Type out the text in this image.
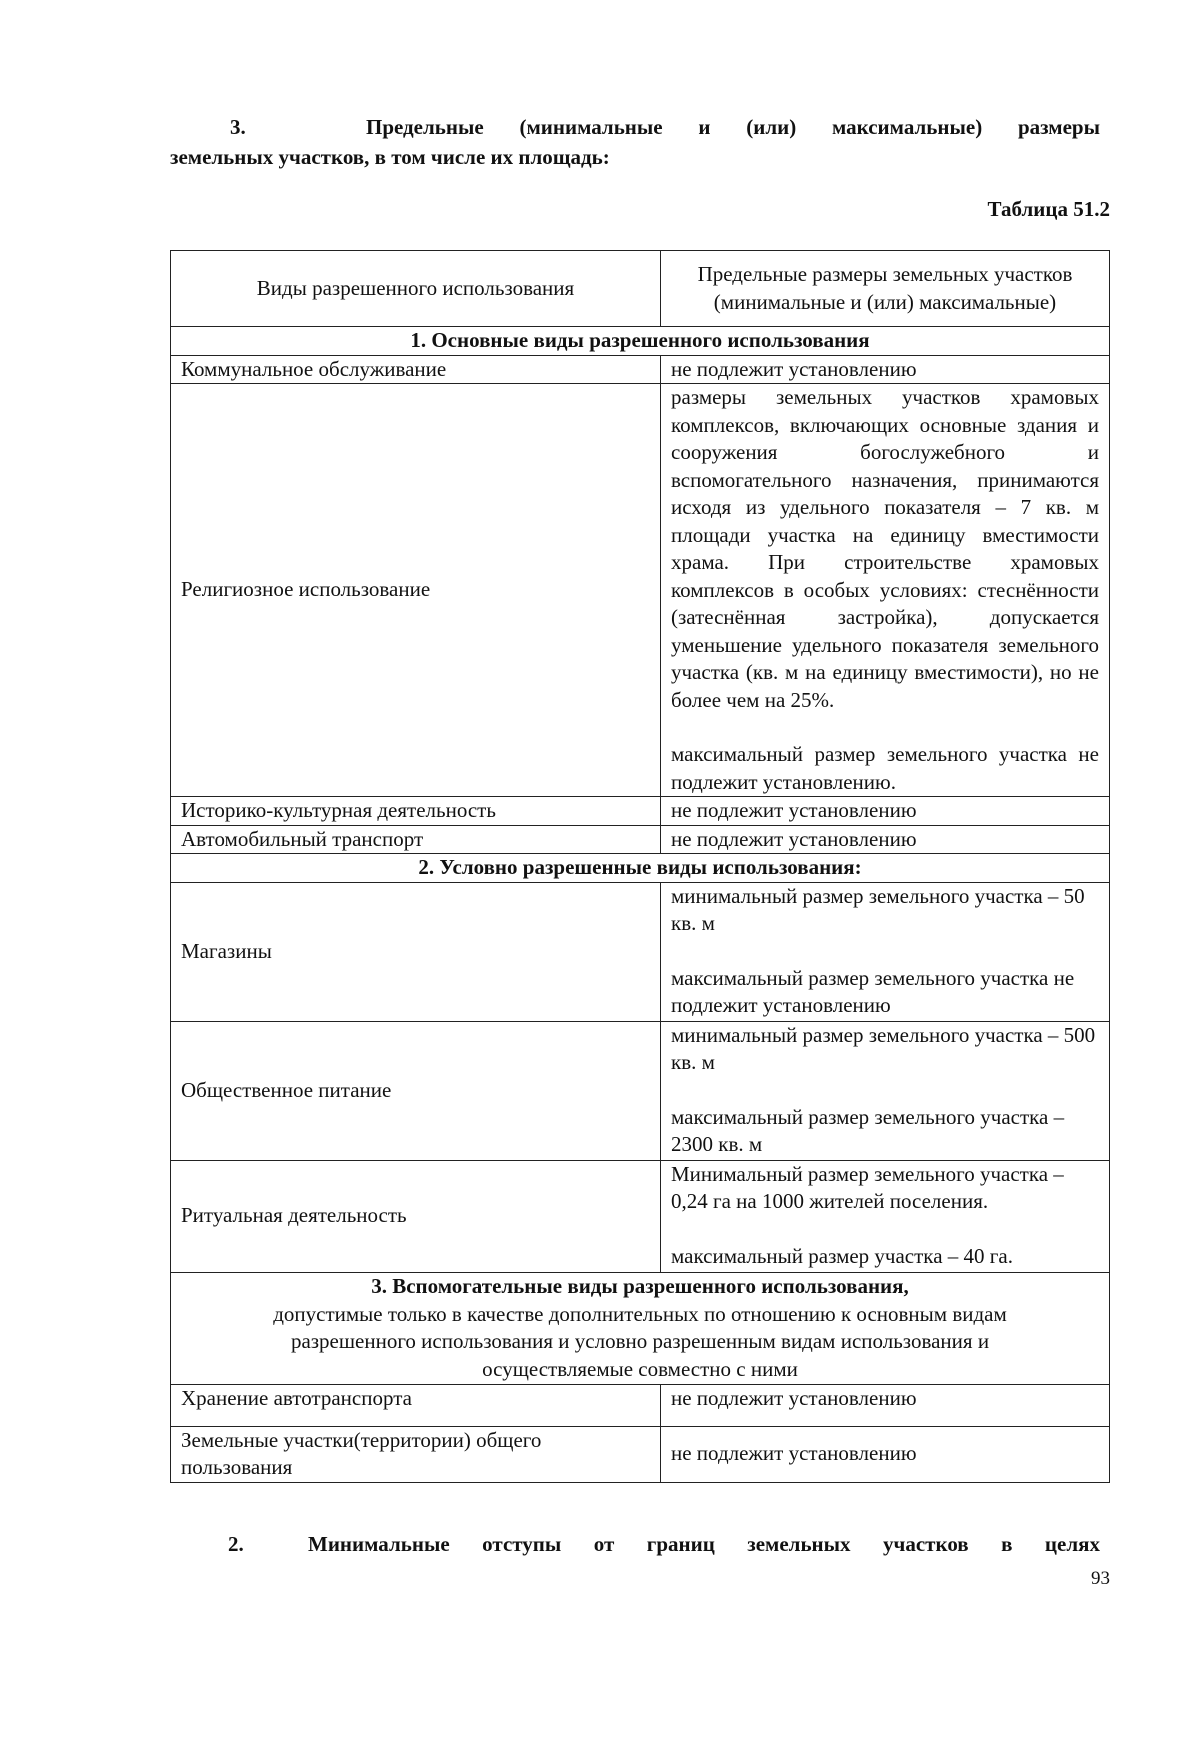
3.	Предельные (минимальные и (или) максимальные) размеры
земельных участков, в том числе их площадь:
Таблица 51.2
Виды разрешенного использования	Предельные размеры земельных участков (минимальные и (или) максимальные)
1. Основные виды разрешенного использования	
Коммунальное обслуживание	не подлежит установлению
Религиозное использование	размеры земельных участков храмовых комплексов, включающих основные здания и сооружения богослужебного и вспомогательного назначения, принимаются исходя из удельного показателя – 7 кв. м площади участка на единицу вместимости храма. При строительстве храмовых комплексов в особых условиях: стеснённости (затеснённая застройка), допускается уменьшение удельного показателя земельного участка (кв. м на единицу вместимости), но не более чем на 25%.
максимальный размер земельного участка не подлежит установлению.

Историко-культурная деятельность	не подлежит установлению
Автомобильный транспорт	не подлежит установлению
2. Условно разрешенные виды использования:	
Магазины	минимальный размер земельного участка – 50 кв. м
максимальный размер земельного участка не подлежит установлению

Общественное питание	минимальный размер земельного участка – 500 кв. м
максимальный размер земельного участка – 2300 кв. м

Ритуальная деятельность	Минимальный размер земельного участка – 0,24 га на 1000 жителей поселения.
максимальный размер участка – 40 га.

3. Вспомогательные виды разрешенного использования,
допустимые только в качестве дополнительных по отношению к основным видам разрешенного использования и условно разрешенным видам использования и осуществляемые совместно с ними	

Хранение автотранспорта	не подлежит установлению
Земельные участки(территории) общего пользования	не подлежит установлению
2.	Минимальные отступы от границ земельных участков в целях
93
